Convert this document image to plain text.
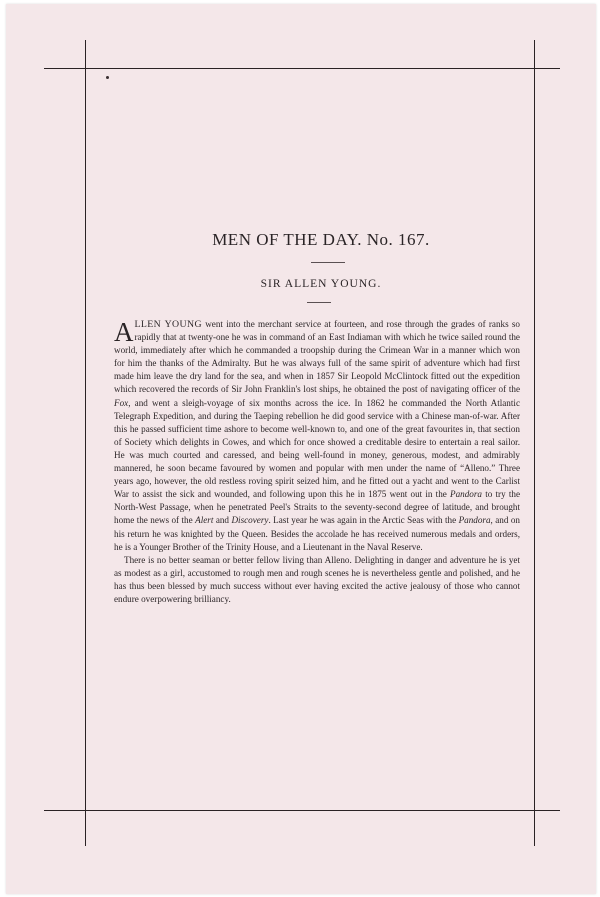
MEN OF THE DAY. No. 167.
SIR ALLEN YOUNG.

ALLEN YOUNG went into the merchant service at fourteen, and rose through the grades of ranks so rapidly that at twenty-one he was in command of an East Indiaman with which he twice sailed round the world, immediately after which he commanded a troopship during the Crimean War in a manner which won for him the thanks of the Admiralty. But he was always full of the same spirit of adventure which had first made him leave the dry land for the sea, and when in 1857 Sir Leopold McClintock fitted out the expedition which recovered the records of Sir John Franklin's lost ships, he obtained the post of navigating officer of the Fox, and went a sleigh-voyage of six months across the ice. In 1862 he commanded the North Atlantic Telegraph Expedition, and during the Taeping rebellion he did good service with a Chinese man-of-war. After this he passed sufficient time ashore to become well-known to, and one of the great favourites in, that section of Society which delights in Cowes, and which for once showed a creditable desire to entertain a real sailor. He was much courted and caressed, and being well-found in money, generous, modest, and admirably mannered, he soon became favoured by women and popular with men under the name of “Alleno.” Three years ago, however, the old restless roving spirit seized him, and he fitted out a yacht and went to the Carlist War to assist the sick and wounded, and following upon this he in 1875 went out in the Pandora to try the North-West Passage, when he penetrated Peel's Straits to the seventy-second degree of latitude, and brought home the news of the Alert and Discovery. Last year he was again in the Arctic Seas with the Pandora, and on his return he was knighted by the Queen. Besides the accolade he has received numerous medals and orders, he is a Younger Brother of the Trinity House, and a Lieutenant in the Naval Reserve.

There is no better seaman or better fellow living than Alleno. Delighting in danger and adventure he is yet as modest as a girl, accustomed to rough men and rough scenes he is nevertheless gentle and polished, and he has thus been blessed by much success without ever having excited the active jealousy of those who cannot endure overpowering brilliancy.
